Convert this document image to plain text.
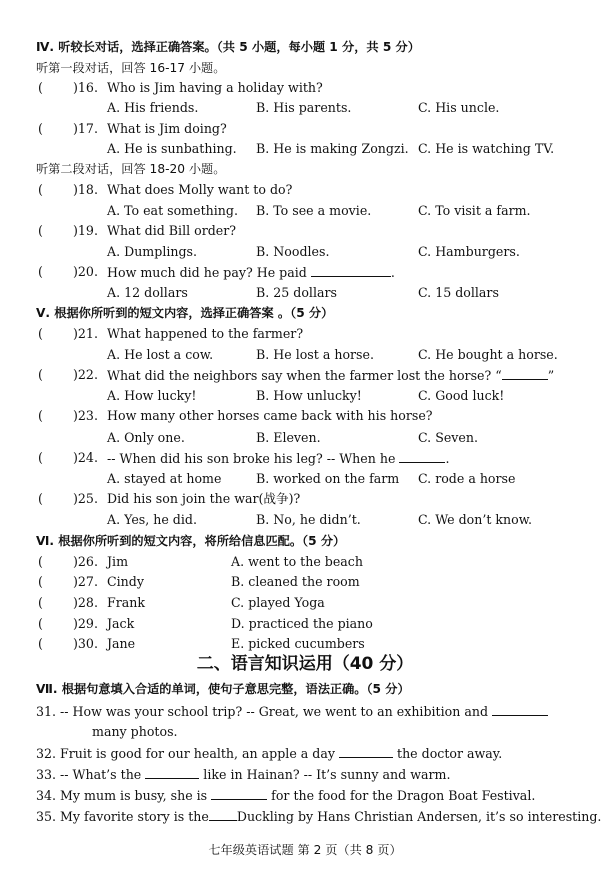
Ⅳ. 听较长对话，选择正确答案。（共 5 小题，每小题 1 分，共 5 分）
听第一段对话，回答 16-17 小题。
( )16. Who is Jim having a holiday with?
A. His friends.	B. His parents.	C. His uncle.
( )17. What is Jim doing?
A. He is sunbathing. B. He is making Zongzi. C. He is watching TV.
听第二段对话，回答 18-20 小题。
( )18. What does Molly want to do?
A. To eat something. B. To see a movie.	C. To visit a farm.
( )19. What did Bill order?
A. Dumplings.	B. Noodles.	C. Hamburgers.
( )20. How much did he pay? He paid	.
A. 12 dollars	B. 25 dollars	C. 15 dollars
Ⅴ. 根据你所听到的短文内容，选择正确答案 。（5 分）
( )21. What happened to the farmer?
A. He lost a cow.	B. He lost a horse.	C. He bought a horse.
( )22. What did the neighbors say when the farmer lost the horse? “	”
A. How lucky!	B. How unlucky!	C. Good luck!
( )23. How many other horses came back with his horse?
A. Only one.	B. Eleven.	C. Seven.
( )24. -- When did his son broke his leg? -- When he	.
A. stayed at home	B. worked on the farm C. rode a horse
( )25. Did his son join the war(战争)?
A. Yes, he did.	B. No, he didn’t.	C. We don’t know.
Ⅵ. 根据你所听到的短文内容，将所给信息匹配。（5 分）
( )26. Jim	A. went to the beach
( )27. Cindy	B. cleaned the room
( )28. Frank	C. played Yoga
( )29. Jack	D. practiced the piano
( )30. Jane	E. picked cucumbers
二、语言知识运用（40 分）
Ⅶ. 根据句意填入合适的单词，使句子意思完整，语法正确。（5 分）
31. -- How was your school trip? -- Great, we went to an exhibition and
many photos.
32. Fruit is good for our health, an apple a day	the doctor away.
33. -- What’s the	like in Hainan? -- It’s sunny and warm.
34. My mum is busy, she is	for the food for the Dragon Boat Festival.
35. My favorite story is the Duckling by Hans Christian Andersen, it’s so interesting.
七年级英语试题 第 2 页（共 8 页）
